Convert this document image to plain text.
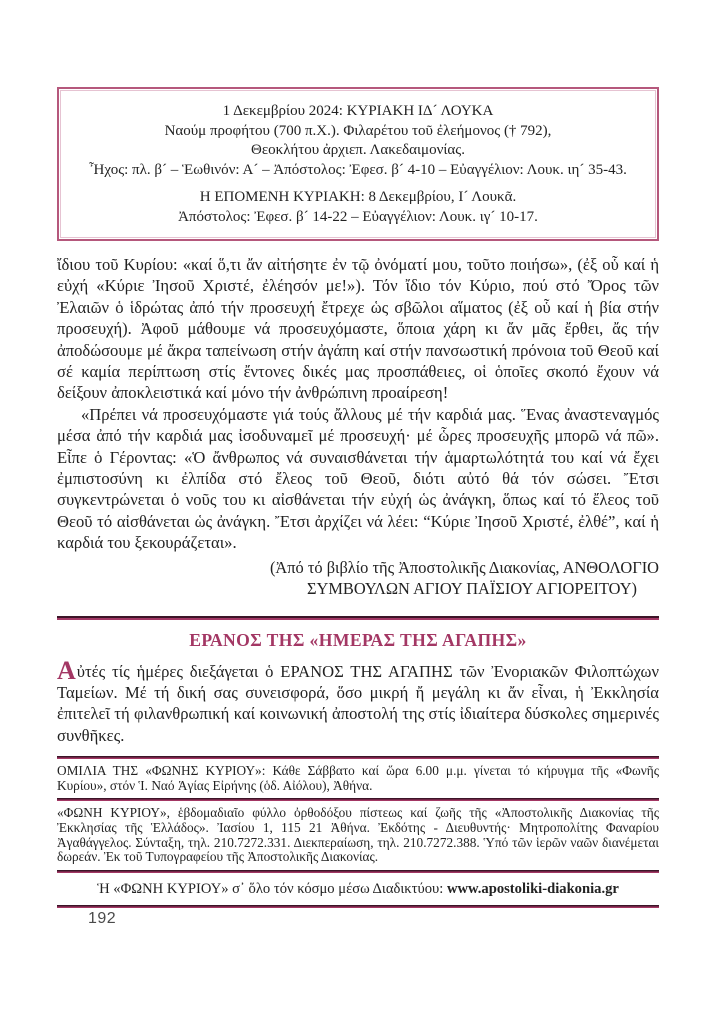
1 Δεκεμβρίου 2024: ΚΥΡΙΑΚΗ ΙΔ´ ΛΟΥΚΑ
Ναούμ προφήτου (700 π.Χ.). Φιλαρέτου τοῦ ἐλεήμονος († 792),
Θεοκλήτου ἀρχιεπ. Λακεδαιμονίας.
Ἦχος: πλ. β´ – Ἑωθινόν: Α´ – Ἀπόστολος: Ἐφεσ. β´ 4-10 – Εὐαγγέλιον: Λουκ. ιη´ 35-43.
Η ΕΠΟΜΕΝΗ ΚΥΡΙΑΚΗ: 8 Δεκεμβρίου, Ι´ Λουκᾶ.
Ἀπόστολος: Ἐφεσ. β´ 14-22 – Εὐαγγέλιον: Λουκ. ιγ´ 10-17.

ἴδιου τοῦ Κυρίου: «καί ὅ,τι ἄν αἰτήσητε ἐν τῷ ὀνόματί μου, τοῦτο ποιήσω», (ἐξ οὗ καί ἡ εὐχή «Κύριε Ἰησοῦ Χριστέ, ἐλέησόν με!»). Τόν ἴδιο τόν Κύριο, πού στό Ὄρος τῶν Ἐλαιῶν ὁ ἱδρώτας ἀπό τήν προσευχή ἔτρεχε ὡς σβῶλοι αἵματος (ἐξ οὗ καί ἡ βία στήν προσευχή). Ἀφοῦ μάθουμε νά προσευχόμαστε, ὅποια χάρη κι ἄν μᾶς ἔρθει, ἄς τήν ἀποδώσουμε μέ ἄκρα ταπείνωση στήν ἀγάπη καί στήν πανσωστική πρόνοια τοῦ Θεοῦ καί σέ καμία περίπτωση στίς ἔντονες δικές μας προσπάθειες, οἱ ὁποῖες σκοπό ἔχουν νά δείξουν ἀποκλειστικά καί μόνο τήν ἀνθρώπινη προαίρεση!

«Πρέπει νά προσευχόμαστε γιά τούς ἄλλους μέ τήν καρδιά μας. Ἕνας ἀναστεναγμός μέσα ἀπό τήν καρδιά μας ἰσοδυναμεῖ μέ προσευχή· μέ ὧρες προσευχῆς μπορῶ νά πῶ». Εἶπε ὁ Γέροντας: «Ὁ ἄνθρωπος νά συναισθάνεται τήν ἁμαρτωλότητά του καί νά ἔχει ἐμπιστοσύνη κι ἐλπίδα στό ἔλεος τοῦ Θεοῦ, διότι αὐτό θά τόν σώσει. Ἔτσι συγκεντρώνεται ὁ νοῦς του κι αἰσθάνεται τήν εὐχή ὡς ἀνάγκη, ὅπως καί τό ἔλεος τοῦ Θεοῦ τό αἰσθάνεται ὡς ἀνάγκη. Ἔτσι ἀρχίζει νά λέει: “Κύριε Ἰησοῦ Χριστέ, ἐλθέ”, καί ἡ καρδιά του ξεκουράζεται».

(Ἀπό τό βιβλίο τῆς Ἀποστολικῆς Διακονίας, ΑΝΘΟΛΟΓΙΟ
ΣΥΜΒΟΥΛΩΝ ΑΓΙΟΥ ΠΑΪΣΙΟΥ ΑΓΙΟΡΕΙΤΟΥ)
ΕΡΑΝΟΣ ΤΗΣ «ΗΜΕΡΑΣ ΤΗΣ ΑΓΑΠΗΣ»

Αὐτές τίς ἡμέρες διεξάγεται ὁ ΕΡΑΝΟΣ ΤΗΣ ΑΓΑΠΗΣ τῶν Ἐνοριακῶν Φιλοπτώχων Ταμείων. Μέ τή δική σας συνεισφορά, ὅσο μικρή ἤ μεγάλη κι ἄν εἶναι, ἡ Ἐκκλησία ἐπιτελεῖ τή φιλανθρωπική καί κοινωνική ἀποστολή της στίς ἰδιαίτερα δύσκολες σημερινές συνθῆκες.

ΟΜΙΛΙΑ ΤΗΣ «ΦΩΝΗΣ ΚΥΡΙΟΥ»: Κάθε Σάββατο καί ὥρα 6.00 μ.μ. γίνεται τό κήρυγμα τῆς «Φωνῆς Κυρίου», στόν Ἱ. Ναό Ἁγίας Εἰρήνης (ὁδ. Αἰόλου), Ἀθήνα.
«ΦΩΝΗ ΚΥΡΙΟΥ», ἑβδομαδιαῖο φύλλο ὀρθοδόξου πίστεως καί ζωῆς τῆς «Ἀποστολικῆς Διακονίας τῆς Ἐκκλησίας τῆς Ἑλλάδος». Ἰασίου 1, 115 21 Ἀθήνα. Ἐκδότης - Διευθυντής· Μητροπολίτης Φαναρίου Ἀγαθάγγελος. Σύνταξη, τηλ. 210.7272.331. Διεκπεραίωση, τηλ. 210.7272.388. Ὑπό τῶν ἱερῶν ναῶν διανέμεται δωρεάν. Ἐκ τοῦ Τυπογραφείου τῆς Ἀποστολικῆς Διακονίας.
Ἡ «ΦΩΝΗ ΚΥΡΙΟΥ» σ᾽ ὅλο τόν κόσμο μέσω Διαδικτύου: www.apostoliki-diakonia.gr
192
